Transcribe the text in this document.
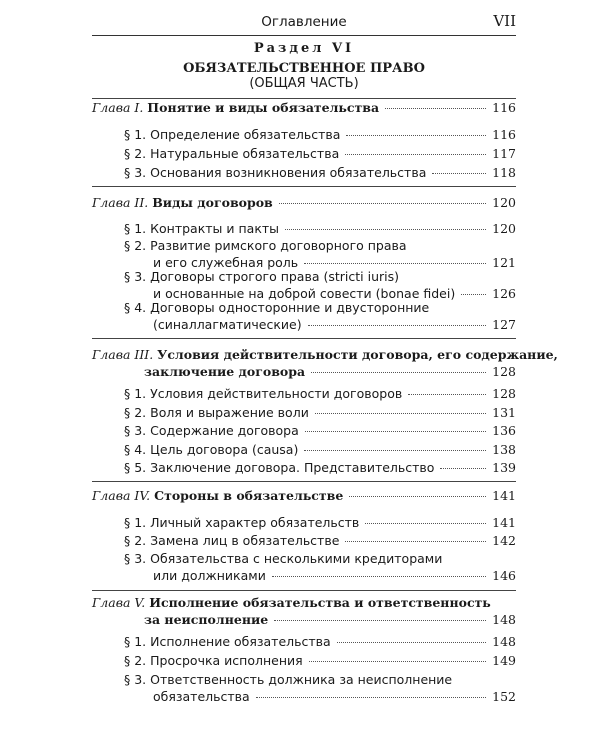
Оглавление	VII
Раздел VI
ОБЯЗАТЕЛЬСТВЕННОЕ ПРАВО
(ОБЩАЯ ЧАСТЬ)
Глава I.
Понятие и виды обязательства	116
§ 1.
Определение обязательства	116
§ 2.
Натуральные обязательства	117
§ 3.
Основания возникновения обязательства	118
Глава II.
Виды договоров	120
§ 1.
Контракты и пакты	120
§ 2.
Развитие римского договорного права
и его служебная роль	121
§ 3.
Договоры строгого права (stricti iuris)
и основанные на доброй совести (bonae fidei)	126
§ 4.
Договоры односторонние и двусторонние
(синаллагматические)	127
Глава III.
Условия действительности договора, его содержание,
заключение договора	128
§ 1.
Условия действительности договоров	128
§ 2.
Воля и выражение воли	131
§ 3.
Содержание договора	136
§ 4.
Цель договора (causa)	138
§ 5.
Заключение договора. Представительство	139
Глава IV.
Стороны в обязательстве	141
§ 1.
Личный характер обязательств	141
§ 2.
Замена лиц в обязательстве	142
§ 3.
Обязательства с несколькими кредиторами
или должниками	146
Глава V.
Исполнение обязательства и ответственность
за неисполнение	148
§ 1.
Исполнение обязательства	148
§ 2.
Просрочка исполнения	149
§ 3.
Ответственность должника за неисполнение
обязательства	152
